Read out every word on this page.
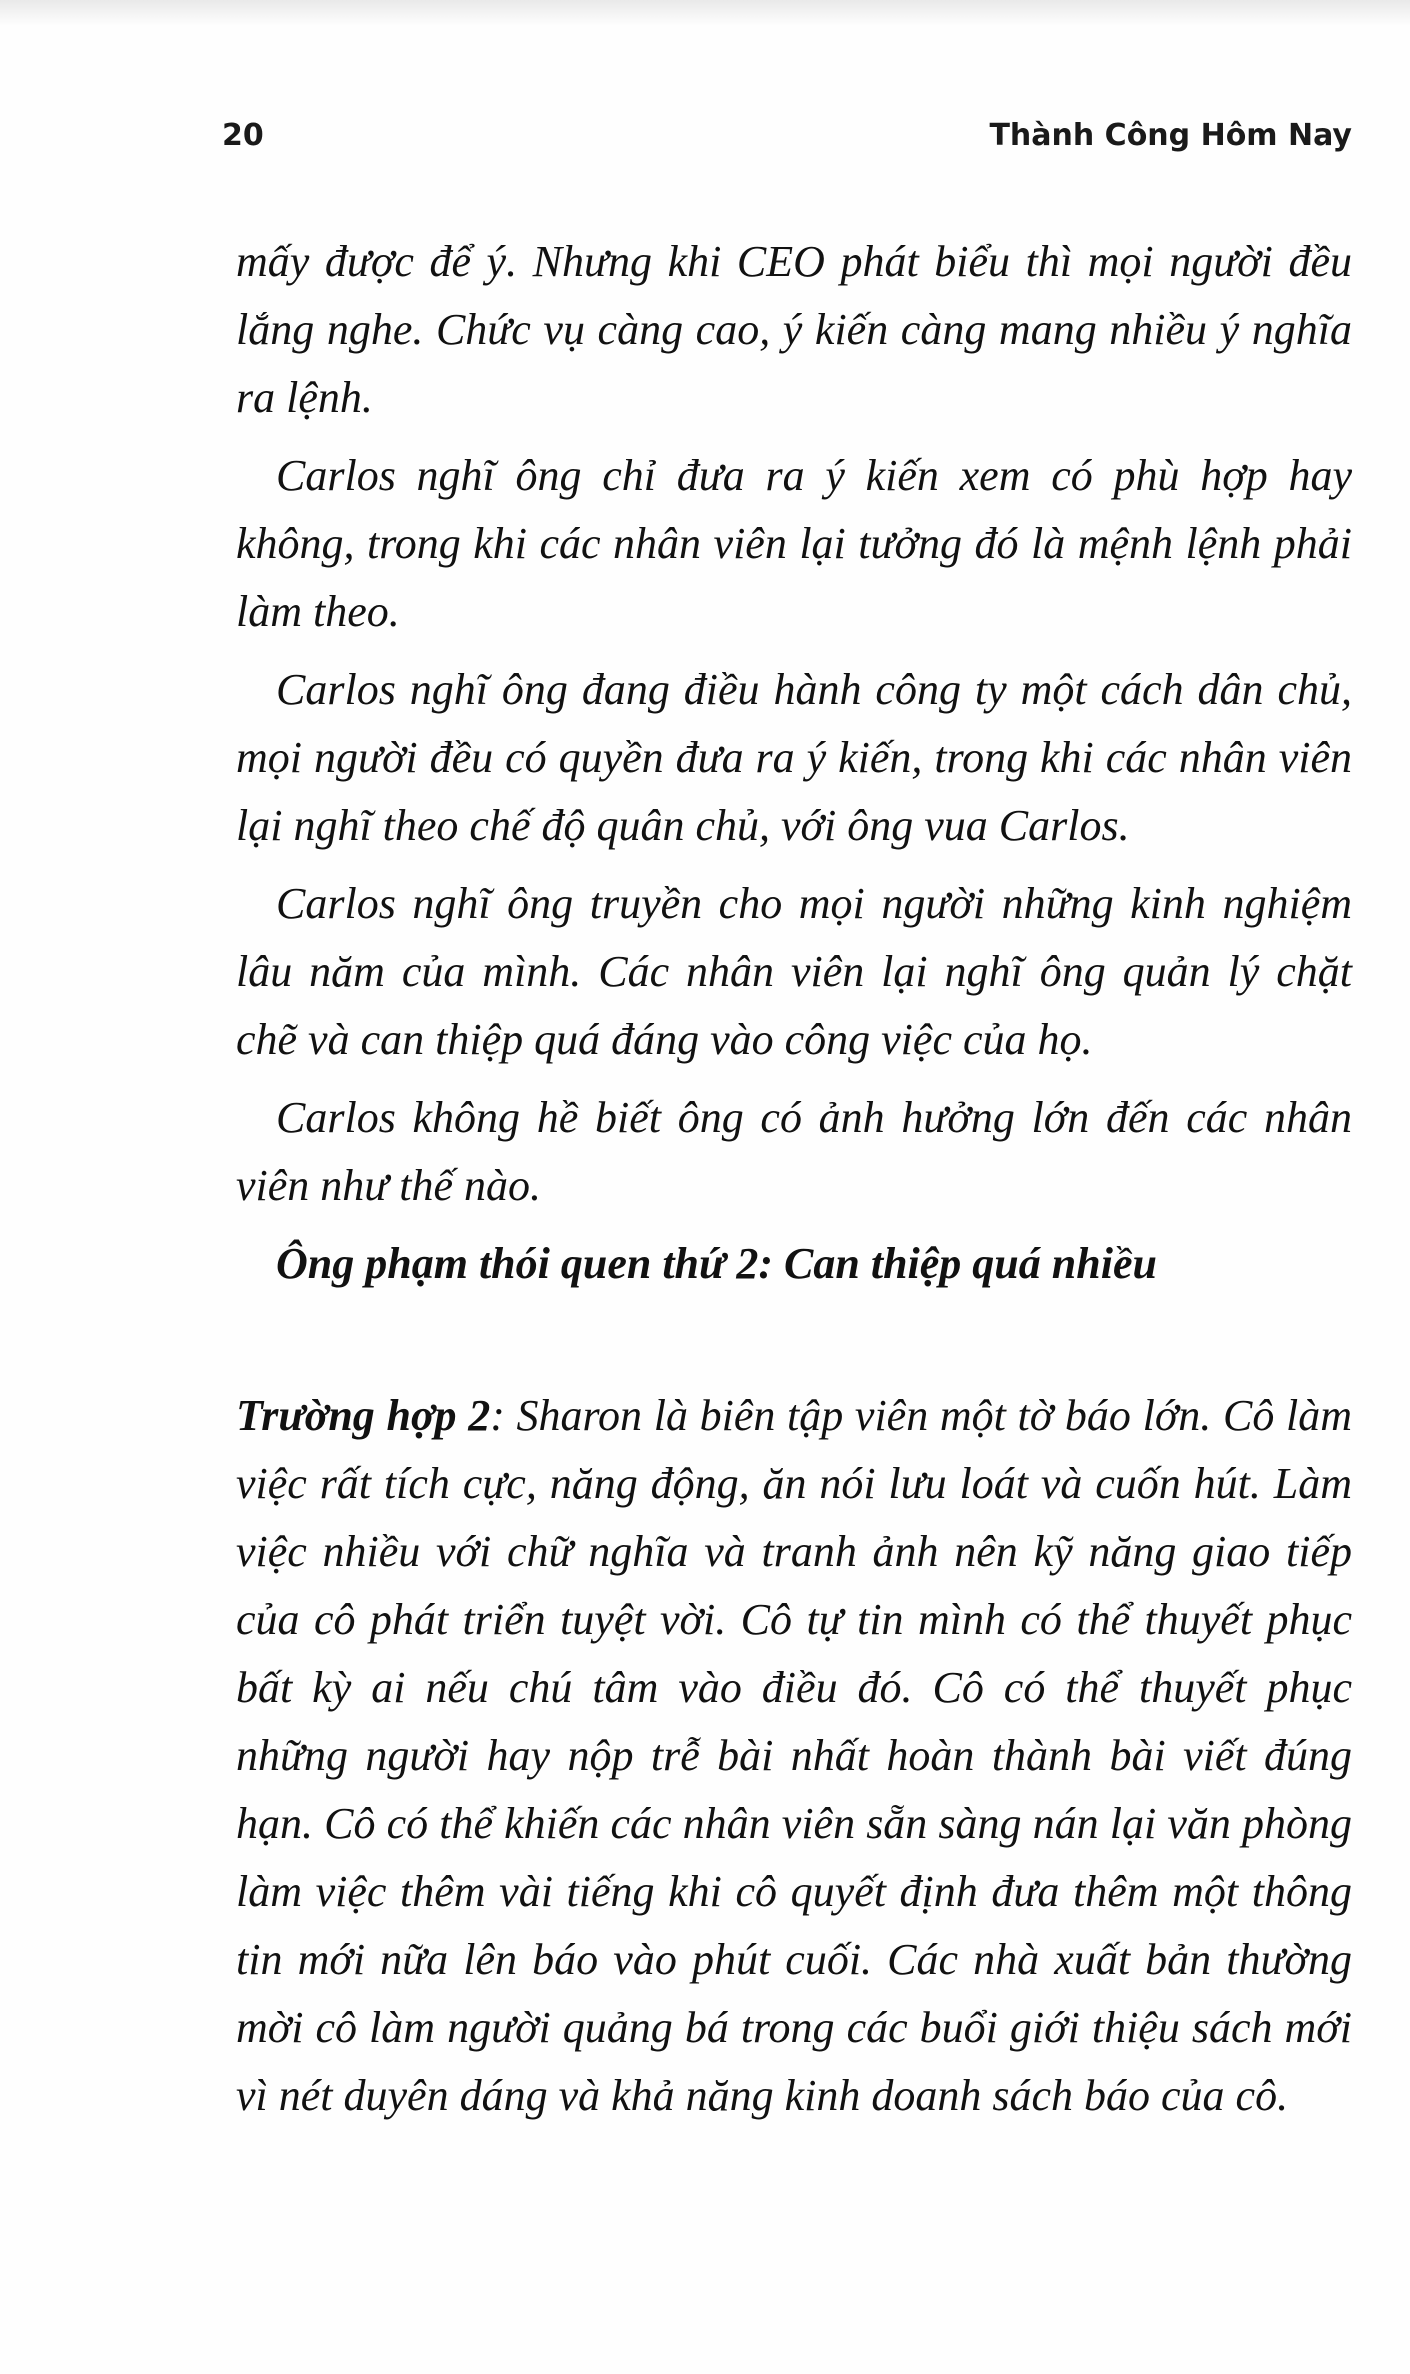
20	Thành Công Hôm Nay

mấy được để ý. Nhưng khi CEO phát biểu thì mọi người đều lắng nghe. Chức vụ càng cao, ý kiến càng mang nhiều ý nghĩa ra lệnh.

Carlos nghĩ ông chỉ đưa ra ý kiến xem có phù hợp hay không, trong khi các nhân viên lại tưởng đó là mệnh lệnh phải làm theo.

Carlos nghĩ ông đang điều hành công ty một cách dân chủ, mọi người đều có quyền đưa ra ý kiến, trong khi các nhân viên lại nghĩ theo chế độ quân chủ, với ông vua Carlos.

Carlos nghĩ ông truyền cho mọi người những kinh nghiệm lâu năm của mình. Các nhân viên lại nghĩ ông quản lý chặt chẽ và can thiệp quá đáng vào công việc của họ.

Carlos không hề biết ông có ảnh hưởng lớn đến các nhân viên như thế nào.

Ông phạm thói quen thứ 2: Can thiệp quá nhiều

Trường hợp 2: Sharon là biên tập viên một tờ báo lớn. Cô làm việc rất tích cực, năng động, ăn nói lưu loát và cuốn hút. Làm việc nhiều với chữ nghĩa và tranh ảnh nên kỹ năng giao tiếp của cô phát triển tuyệt vời. Cô tự tin mình có thể thuyết phục bất kỳ ai nếu chú tâm vào điều đó. Cô có thể thuyết phục những người hay nộp trễ bài nhất hoàn thành bài viết đúng hạn. Cô có thể khiến các nhân viên sẵn sàng nán lại văn phòng làm việc thêm vài tiếng khi cô quyết định đưa thêm một thông tin mới nữa lên báo vào phút cuối. Các nhà xuất bản thường mời cô làm người quảng bá trong các buổi giới thiệu sách mới vì nét duyên dáng và khả năng kinh doanh sách báo của cô.
